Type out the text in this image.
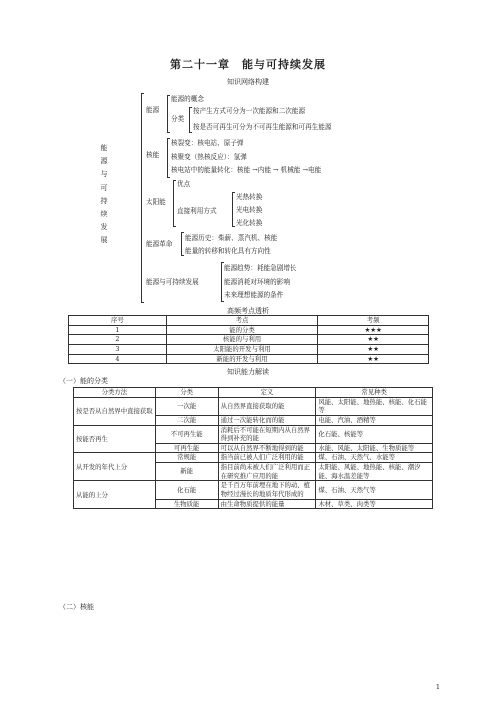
第二十一章　能与可持续发展
知识网络构建
能源与可持续发展
能源
能源的概念
分类
按产生方式可分为一次能源和二次能源
按是否可再生可分为不可再生能源和可再生能源
核能
核裂变：核电站、原子弹
核聚变（热核反应）：氢弹
核电站中的能量转化：核能 →内能 → 机械能 →电能
太阳能
优点
直接利用方式
光热转换
光电转换
光化转换
能源革命
能源历史：柴薪、蒸汽机、核能
能量的转移和转化具有方向性
能源与可持续发展
能源趋势：耗能急剧增长
能源消耗对环境的影响
未来理想能源的条件
高频考点透析
序号	考点	考频
1	能的分类	★★★
2	核能的与利用	★★
3	太阳能的开发与利用	★★
4	新能的开发与利用	★★
知识能力解读
（一）能的分类
分类方法	分类	定义	常见种类
按是否从自然界中直接获取	一次能	从自然界直接获取的能	风能、太阳能、地热能、核能、化石能等
	二次能	通过一次能转化而的能	电能、汽油、酒精等
按能否再生	不可再生能	消耗后不可能在短期内从自然界得到补充的能	化石能、核能等
	可再生能	可以从自然界不断地得到的能	水能、风能、太阳能、生物质能等
从开发的年代上分	常规能	指当前已被人们广泛利用的能	煤、石油、天然气、水能等
	新能	指目前尚未被人们广泛利用而正在研究推广应用的能	太阳能、风能、地热能、核能、潮汐能、海水温差能等
从能的上分	化石能	是千百万年前埋在地下的动、植物经过漫长的地质年代形成的	煤、石油、天然气等
	生物质能	由生命物质提供的能量	木材、草类、肉类等
（二）核能
1
